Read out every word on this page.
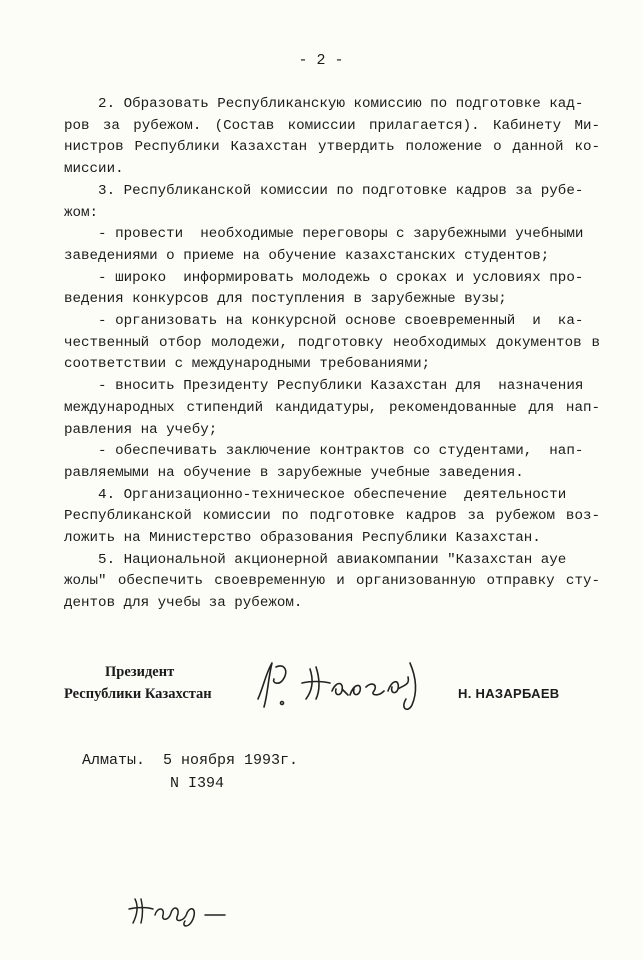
- 2 -
2. Образовать Республиканскую комиссию по подготовке кад-
ров за рубежом. (Состав комиссии прилагается). Кабинету Ми-
нистров Республики Казахстан утвердить положение о данной ко-
миссии.
3. Республиканской комиссии по подготовке кадров за рубе-
жом:
- провести  необходимые переговоры с зарубежными учебными
заведениями о приеме на обучение казахстанских студентов;
- широко  информировать молодежь о сроках и условиях про-
ведения конкурсов для поступления в зарубежные вузы;
- организовать на конкурсной основе своевременный  и  ка-
чественный отбор молодежи, подготовку необходимых документов в
соответствии с международными требованиями;
- вносить Президенту Республики Казахстан для  назначения
международных стипендий кандидатуры, рекомендованные для нап-
равления на учебу;
- обеспечивать заключение контрактов со студентами,  нап-
равляемыми на обучение в зарубежные учебные заведения.
4. Организационно-техническое обеспечение  деятельности
Республиканской комиссии по подготовке кадров за рубежом воз-
ложить на Министерство образования Республики Казахстан.
5. Национальной акционерной авиакомпании "Казахстан ауе
жолы" обеспечить своевременную и организованную отправку сту-
дентов для учебы за рубежом.
Президент
Республики Казахстан	Н. НАЗАРБАЕВ
Алматы.  5 ноября 1993г.
N I394
